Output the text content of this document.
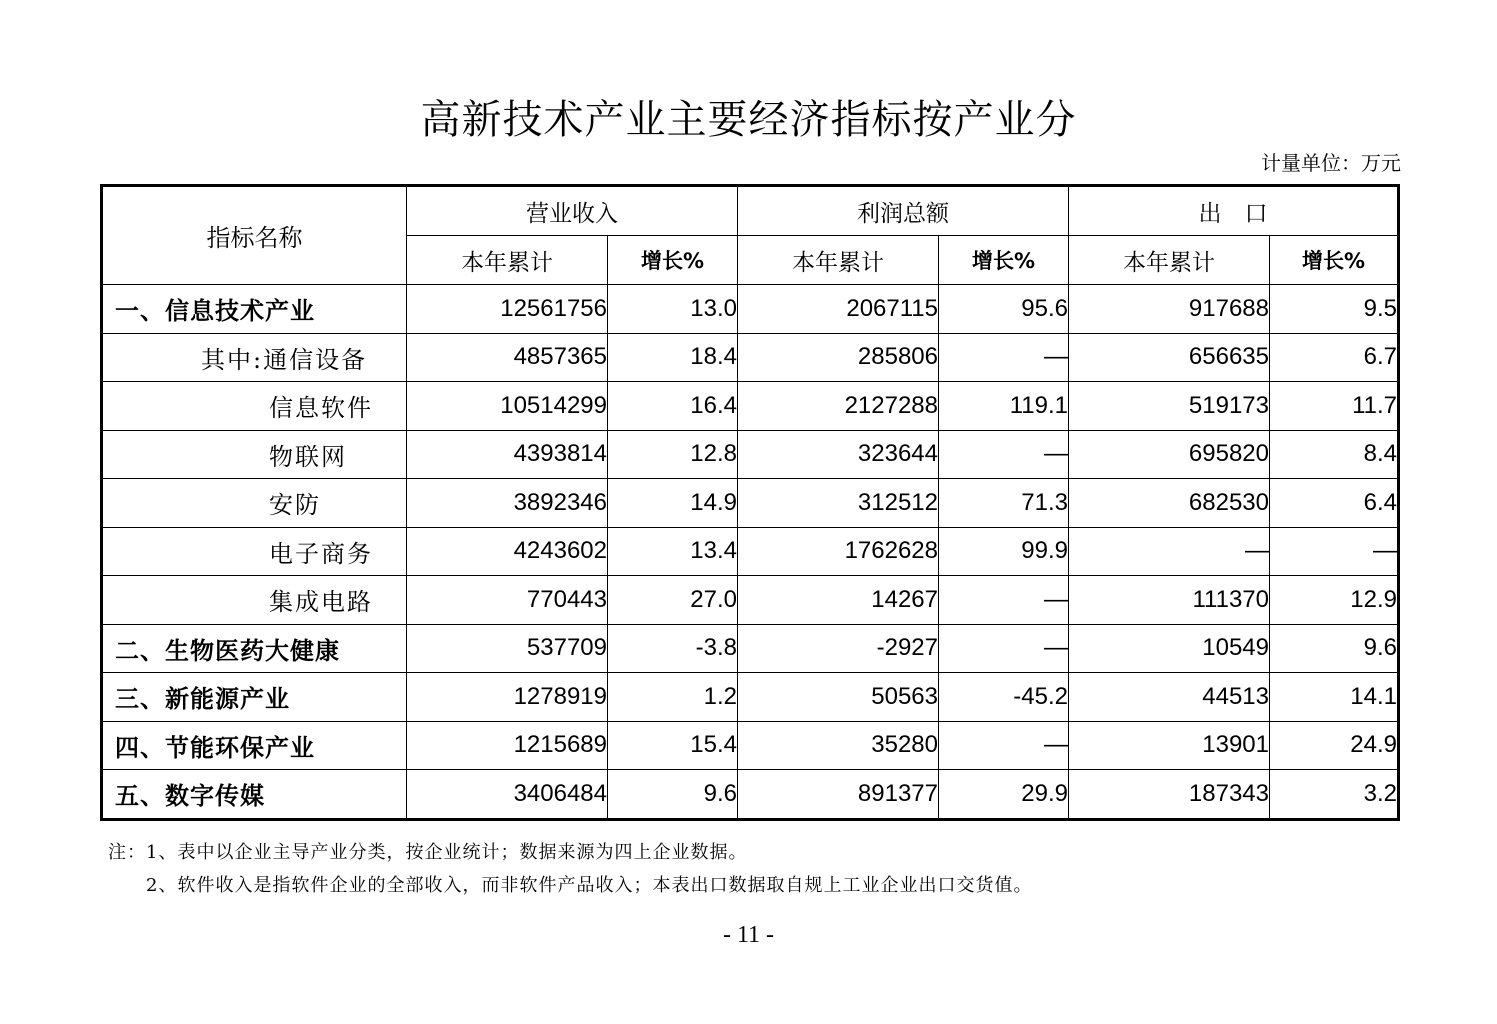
高新技术产业主要经济指标按产业分
计量单位：万元
指标名称	营业收入		利润总额		出　口	
	本年累计	增长%	本年累计	增长%	本年累计	增长%
一、信息技术产业	12561756	13.0	2067115	95.6	917688	9.5
其中:通信设备	4857365	18.4	285806	—	656635	6.7
信息软件	10514299	16.4	2127288	119.1	519173	11.7
物联网	4393814	12.8	323644	—	695820	8.4
安防	3892346	14.9	312512	71.3	682530	6.4
电子商务	4243602	13.4	1762628	99.9	—	—
集成电路	770443	27.0	14267	—	111370	12.9
二、生物医药大健康	537709	-3.8	-2927	—	10549	9.6
三、新能源产业	1278919	1.2	50563	-45.2	44513	14.1
四、节能环保产业	1215689	15.4	35280	—	13901	24.9
五、数字传媒	3406484	9.6	891377	29.9	187343	3.2
注：1、表中以企业主导产业分类，按企业统计；数据来源为四上企业数据。
2、软件收入是指软件企业的全部收入，而非软件产品收入；本表出口数据取自规上工业企业出口交货值。
- 11 -
